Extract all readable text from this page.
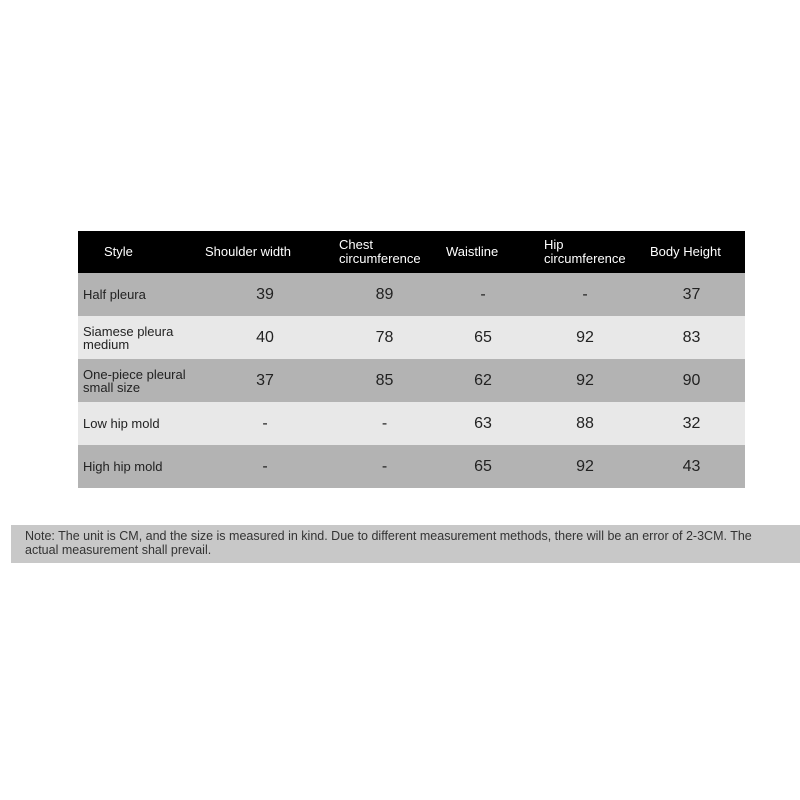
Style	Shoulder width	Chest circumference	Waistline	Hip circumference	Body Height
Half pleura	39	89	-	-	37
Siamese pleura medium	40	78	65	92	83
One-piece pleural small size	37	85	62	92	90
Low hip mold	-	-	63	88	32
High hip mold	-	-	65	92	43
Note: The unit is CM, and the size is measured in kind. Due to different measurement methods, there will be an error of 2-3CM. The actual measurement shall prevail.
